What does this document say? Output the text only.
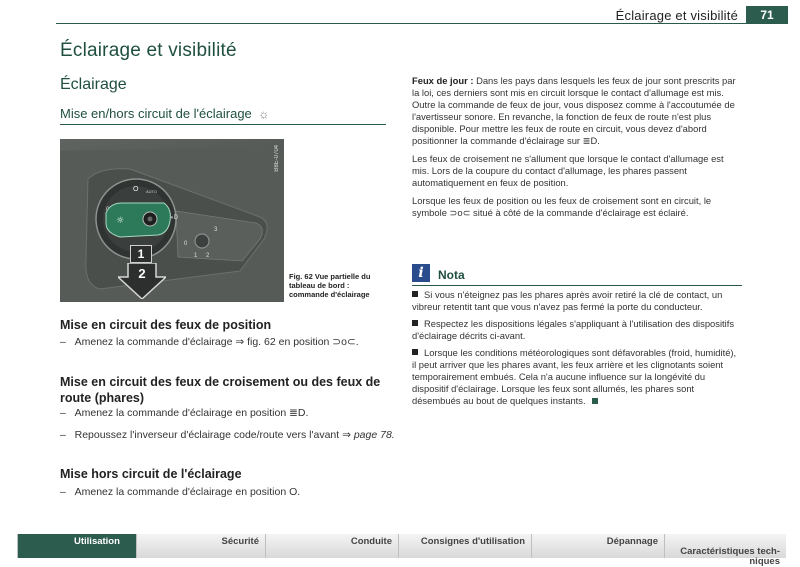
Éclairage et visibilité	71
Éclairage et visibilité
Éclairage
Mise en/hors circuit de l'éclairage ☼
0
3
1 2
O AUTO
☼	◖D
B8E-0704
1
2	Fig. 62 Vue partielle du tableau de bord : commande d'éclairage
Mise en circuit des feux de position
– Amenez la commande d'éclairage ⇒ fig. 62 en position ⊃o⊂.
Mise en circuit des feux de croisement ou des feux de route (phares)
– Amenez la commande d'éclairage en position ≣D.
– Repoussez l'inverseur d'éclairage code/route vers l'avant ⇒ page 78.
Mise hors circuit de l'éclairage
– Amenez la commande d'éclairage en position O.

Feux de jour : Dans les pays dans lesquels les feux de jour sont prescrits par la loi, ces derniers sont mis en circuit lorsque le contact d'allumage est mis. Outre la commande de feux de jour, vous disposez comme à l'accoutumée de l'avertisseur sonore. En revanche, la fonction de feux de route n'est plus disponible. Pour mettre les feux de route en circuit, vous devez d'abord positionner la commande d'éclairage sur ≣D.

Les feux de croisement ne s'allument que lorsque le contact d'allumage est mis. Lors de la coupure du contact d'allumage, les phares passent automatiquement en feux de position.

Lorsque les feux de position ou les feux de croisement sont en circuit, le symbole ⊃o⊂ situé à côté de la commande d'éclairage est éclairé.

i	Nota
Si vous n'éteignez pas les phares après avoir retiré la clé de contact, un vibreur retentit tant que vous n'avez pas fermé la porte du conducteur.
Respectez les dispositions légales s'appliquant à l'utilisation des dispositifs d'éclairage décrits ci-avant.
Lorsque les conditions météorologiques sont défavorables (froid, humidité), il peut arriver que les phares avant, les feux arrière et les clignotants soient temporairement embués. Cela n'a aucune influence sur la longévité du dispositif d'éclairage. Lorsque les feux sont allumés, les phares sont désembués au bout de quelques instants.
Utilisation	Sécurité	Conduite	Consignes d'utilisation	Dépannage

Caractéristiques tech-
niques
